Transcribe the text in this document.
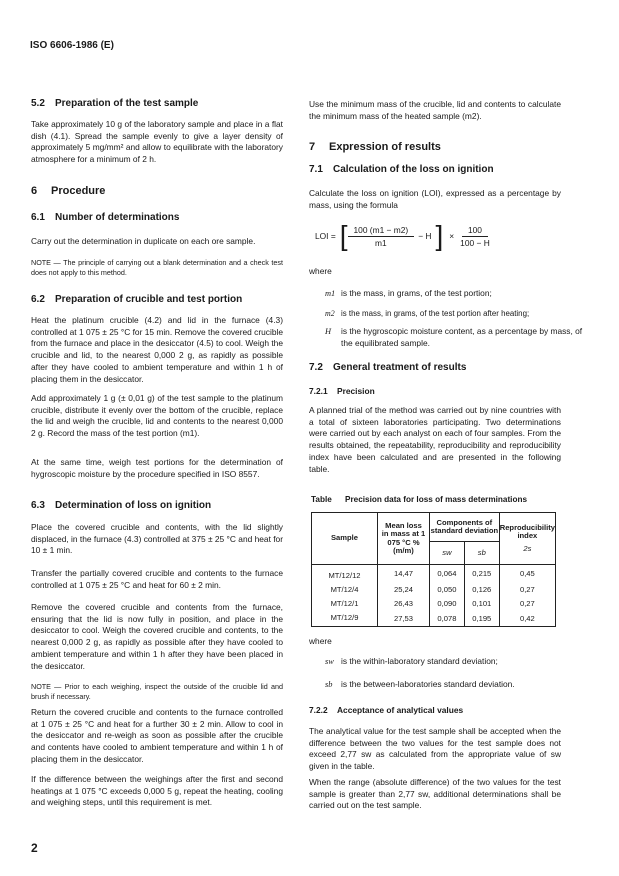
ISO 6606-1986 (E)
5.2 Preparation of the test sample
Take approximately 10 g of the laboratory sample and place in a flat dish (4.1). Spread the sample evenly to give a layer density of approximately 5 mg/mm² and allow to equilibrate with the laboratory atmosphere for a minimum of 2 h.
6 Procedure
6.1 Number of determinations
Carry out the determination in duplicate on each ore sample.
NOTE — The principle of carrying out a blank determination and a check test does not apply to this method.
6.2 Preparation of crucible and test portion
Heat the platinum crucible (4.2) and lid in the furnace (4.3) controlled at 1 075 ± 25 °C for 15 min. Remove the covered crucible from the furnace and place in the desiccator (4.5) to cool. Weigh the crucible and lid, to the nearest 0,000 2 g, as rapidly as possible after they have cooled to ambient temperature and within 1 h of placing them in the desiccator.
Add approximately 1 g (± 0,01 g) of the test sample to the platinum crucible, distribute it evenly over the bottom of the crucible, replace the lid and weigh the crucible, lid and contents to the nearest 0,000 2 g. Record the mass of the test portion (m1).
At the same time, weigh test portions for the determination of hygroscopic moisture by the procedure specified in ISO 8557.
6.3 Determination of loss on ignition
Place the covered crucible and contents, with the lid slightly displaced, in the furnace (4.3) controlled at 375 ± 25 °C and heat for 10 ± 1 min.
Transfer the partially covered crucible and contents to the furnace controlled at 1 075 ± 25 °C and heat for 60 ± 2 min.
Remove the covered crucible and contents from the furnace, ensuring that the lid is now fully in position, and place in the desiccator to cool. Weigh the covered crucible and contents, to the nearest 0,000 2 g, as rapidly as possible after they have cooled to ambient temperature and within 1 h after they have been placed in the desiccator.
NOTE — Prior to each weighing, inspect the outside of the crucible lid and brush if necessary.
Return the covered crucible and contents to the furnace controlled at 1 075 ± 25 °C and heat for a further 30 ± 2 min. Allow to cool in the desiccator and re-weigh as soon as possible after the crucible and contents have cooled to ambient temperature and within 1 h of placing them in the desiccator.
If the difference between the weighings after the first and second heatings at 1 075 °C exceeds 0,000 5 g, repeat the heating, cooling and weighing steps, until this requirement is met.
2
Use the minimum mass of the crucible, lid and contents to calculate the minimum mass of the heated sample (m2).
7 Expression of results
7.1 Calculation of the loss on ignition
Calculate the loss on ignition (LOI), expressed as a percentage by mass, using the formula
LOI = [ $\frac{100 (m1 - m2)}{m1} - H$ ] × $\frac{100}{100 - H}$
where
m1 is the mass, in grams, of the test portion;
m2 is the mass, in grams, of the test portion after heating;
H is the hygroscopic moisture content, as a percentage by mass, of the equilibrated sample.
7.2 General treatment of results
7.2.1 Precision
A planned trial of the method was carried out by nine countries with a total of sixteen laboratories participating. Two determinations were carried out by each analyst on each of four samples. From the results obtained, the repeatability, reproducibility and reproducibility index have been calculated and are presented in the following table.
Table Precision data for loss of mass determinations
Sample	Mean loss in mass at 1 075 °C % (m/m)	Components of standard deviation		Reproducibility index
2s

		sw	sb	
MT/12/12	14,47	0,064	0,215	0,45
MT/12/4	25,24	0,050	0,126	0,27
MT/12/1	26,43	0,090	0,101	0,27
MT/12/9	27,53	0,078	0,195	0,42
where
sw is the within-laboratory standard deviation;
sb is the between-laboratories standard deviation.
7.2.2 Acceptance of analytical values
The analytical value for the test sample shall be accepted when the difference between the two values for the test sample does not exceed 2,77 sw as calculated from the appropriate value of sw given in the table.
When the range (absolute difference) of the two values for the test sample is greater than 2,77 sw, additional determinations shall be carried out on the test sample.
